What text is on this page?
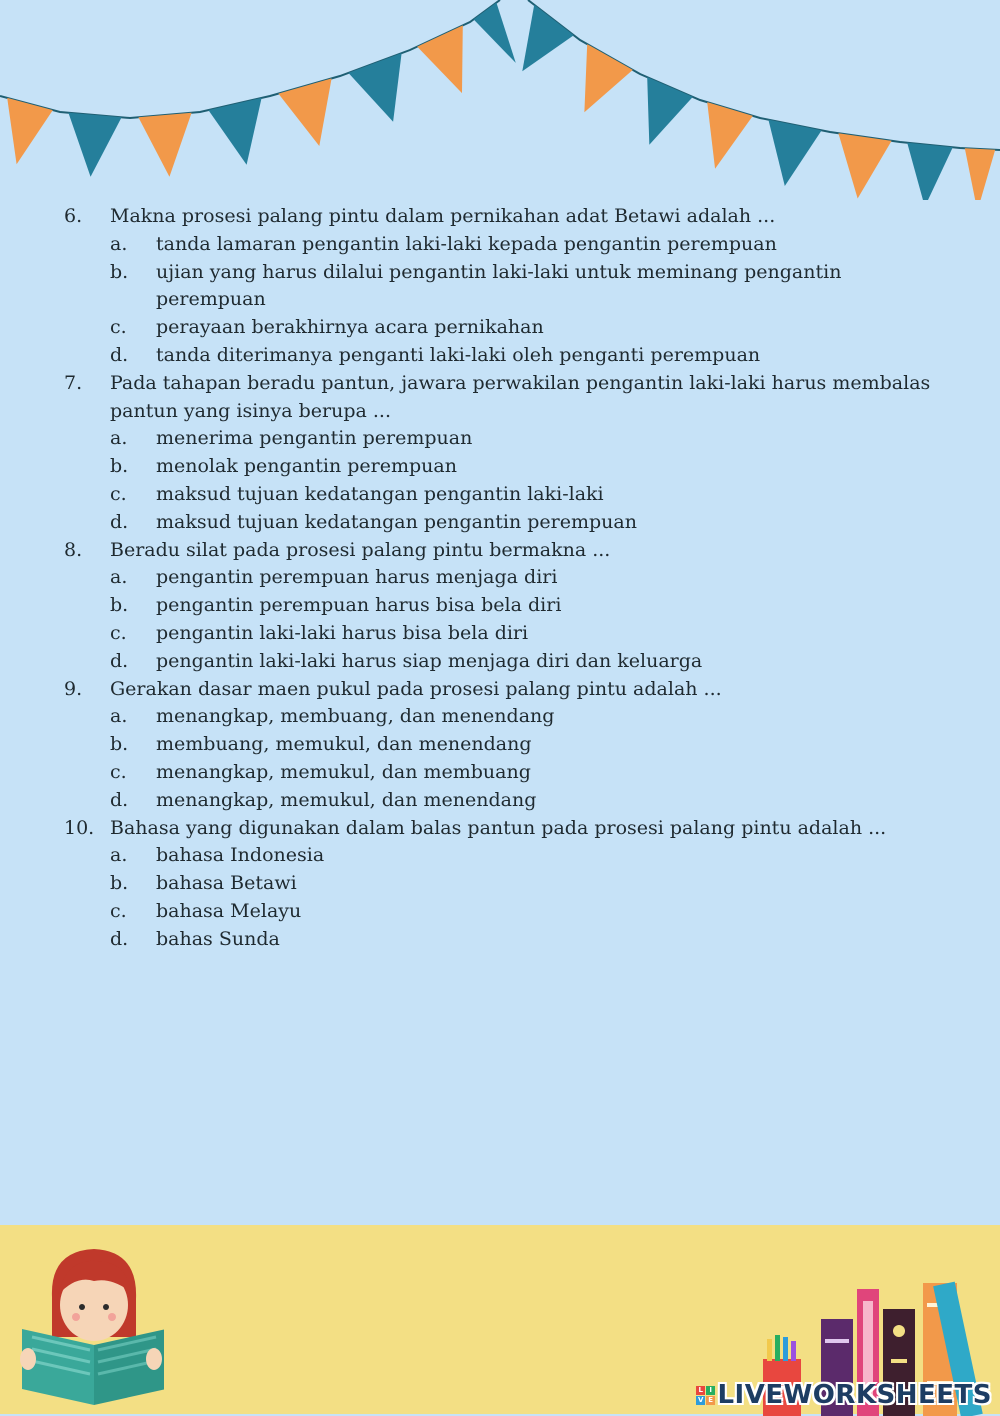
6. Makna prosesi palang pintu dalam pernikahan adat Betawi adalah ...
a. tanda lamaran pengantin laki-laki kepada pengantin perempuan
b. ujian yang harus dilalui pengantin laki-laki untuk meminang pengantin perempuan
c. perayaan berakhirnya acara pernikahan
d. tanda diterimanya penganti laki-laki oleh penganti perempuan
7. Pada tahapan beradu pantun, jawara perwakilan pengantin laki-laki harus membalas pantun yang isinya berupa ...
a. menerima pengantin perempuan
b. menolak pengantin perempuan
c. maksud tujuan kedatangan pengantin laki-laki
d. maksud tujuan kedatangan pengantin perempuan
8. Beradu silat pada prosesi palang pintu bermakna ...
a. pengantin perempuan harus menjaga diri
b. pengantin perempuan harus bisa bela diri
c. pengantin laki-laki harus bisa bela diri
d. pengantin laki-laki harus siap menjaga diri dan keluarga
9. Gerakan dasar maen pukul pada prosesi palang pintu adalah ...
a. menangkap, membuang, dan menendang
b. membuang, memukul, dan menendang
c. menangkap, memukul, dan membuang
d. menangkap, memukul, dan menendang
10. Bahasa yang digunakan dalam balas pantun pada prosesi palang pintu adalah ...
a. bahasa Indonesia
b. bahasa Betawi
c. bahasa Melayu
d. bahas Sunda
L I
V E LIVEWORKSHEETS
